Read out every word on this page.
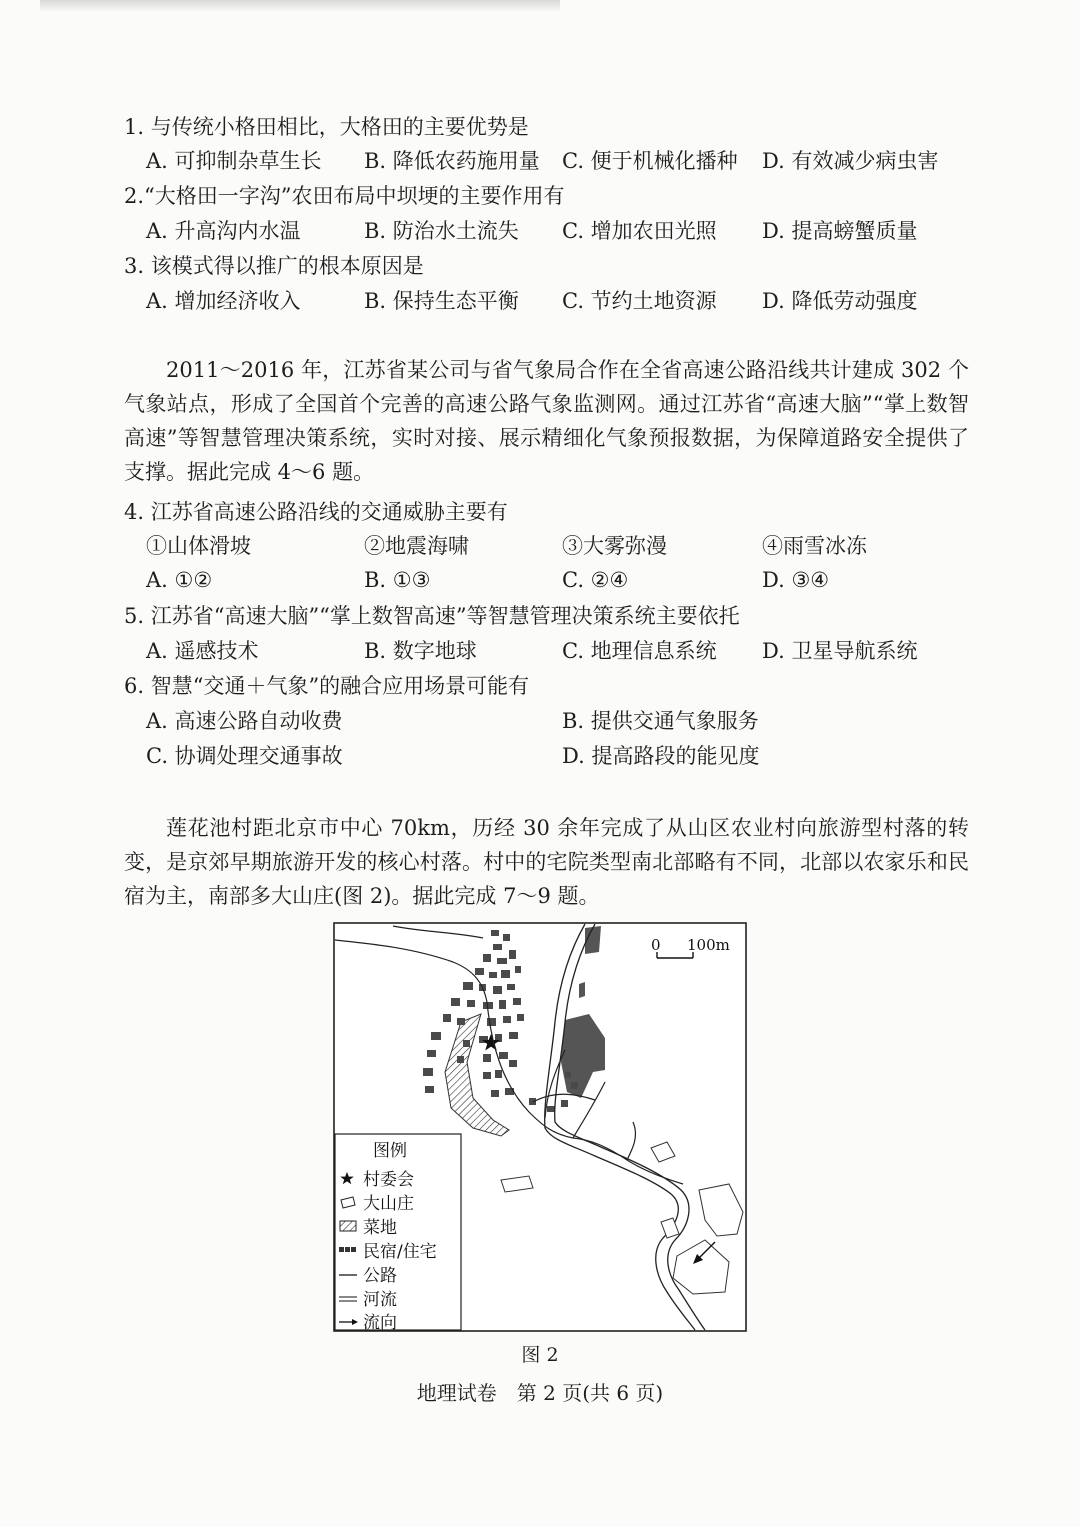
1. 与传统小格田相比，大格田的主要优势是
A. 可抑制杂草生长 B. 降低农药施用量 C. 便于机械化播种 D. 有效减少病虫害
2.“大格田一字沟”农田布局中坝埂的主要作用有
A. 升高沟内水温	B. 防治水土流失 C. 增加农田光照 D. 提高螃蟹质量
3. 该模式得以推广的根本原因是
A. 增加经济收入	B. 保持生态平衡 C. 节约土地资源 D. 降低劳动强度

2011～2016 年，江苏省某公司与省气象局合作在全省高速公路沿线共计建成 302 个气象站点，形成了全国首个完善的高速公路气象监测网。通过江苏省“高速大脑”“掌上数智高速”等智慧管理决策系统，实时对接、展示精细化气象预报数据，为保障道路安全提供了支撑。据此完成 4～6 题。

4. 江苏省高速公路沿线的交通威胁主要有
①山体滑坡	②地震海啸	③大雾弥漫	④雨雪冰冻
A. ①②	B. ①③	C. ②④	D. ③④
5. 江苏省“高速大脑”“掌上数智高速”等智慧管理决策系统主要依托
A. 遥感技术	B. 数字地球	C. 地理信息系统 D. 卫星导航系统
6. 智慧“交通＋气象”的融合应用场景可能有
A. 高速公路自动收费	B. 提供交通气象服务
C. 协调处理交通事故	D. 提高路段的能见度

莲花池村距北京市中心 70km，历经 30 余年完成了从山区农业村向旅游型村落的转变，是京郊早期旅游开发的核心村落。村中的宅院类型南北部略有不同，北部以农家乐和民宿为主，南部多大山庄(图 2)。据此完成 7～9 题。

0 100m
图例
村委会
大山庄
菜地
民宿/住宅
公路
河流
流向
图 2
地理试卷　第 2 页(共 6 页)
